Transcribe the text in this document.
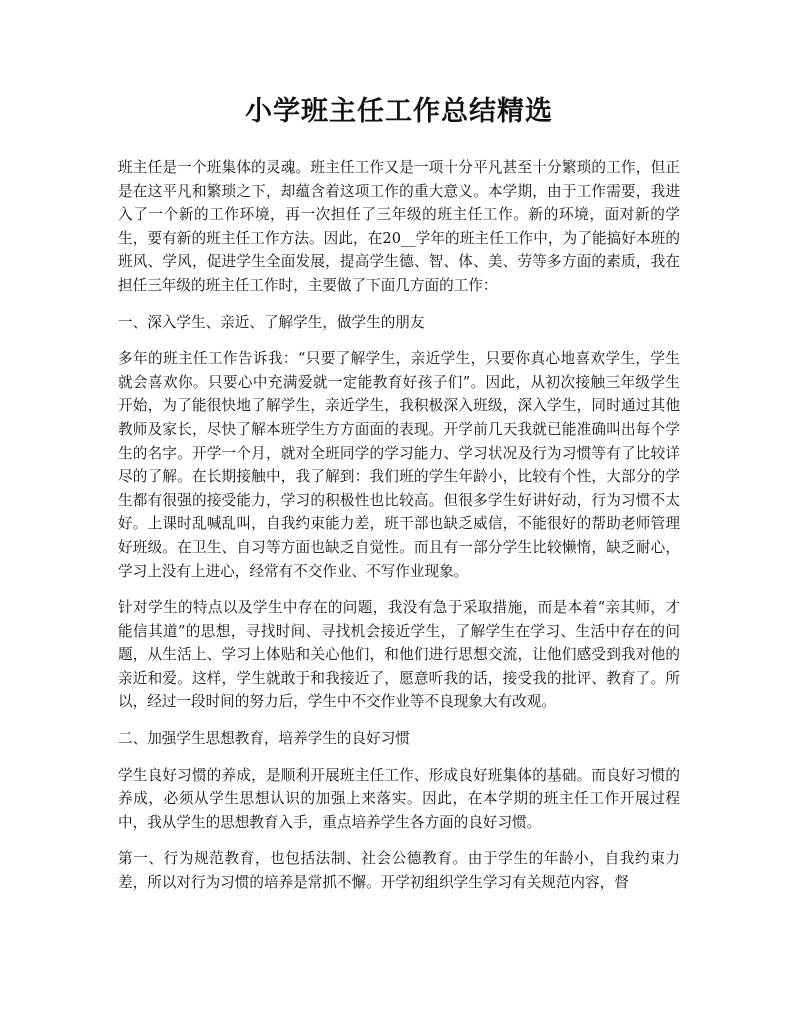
小学班主任工作总结精选

班主任是一个班集体的灵魂。班主任工作又是一项十分平凡甚至十分繁琐的工作，但正是在这平凡和繁琐之下，却蕴含着这项工作的重大意义。本学期，由于工作需要，我进入了一个新的工作环境，再一次担任了三年级的班主任工作。新的环境，面对新的学生，要有新的班主任工作方法。因此，在20__学年的班主任工作中，为了能搞好本班的班风、学风，促进学生全面发展，提高学生德、智、体、美、劳等多方面的素质，我在担任三年级的班主任工作时，主要做了下面几方面的工作：

一、深入学生、亲近、了解学生，做学生的朋友

多年的班主任工作告诉我：“只要了解学生，亲近学生，只要你真心地喜欢学生，学生就会喜欢你。只要心中充满爱就一定能教育好孩子们”。因此，从初次接触三年级学生开始，为了能很快地了解学生，亲近学生，我积极深入班级，深入学生，同时通过其他教师及家长，尽快了解本班学生方方面面的表现。开学前几天我就已能准确叫出每个学生的名字。开学一个月，就对全班同学的学习能力、学习状况及行为习惯等有了比较详尽的了解。在长期接触中，我了解到：我们班的学生年龄小，比较有个性，大部分的学生都有很强的接受能力，学习的积极性也比较高。但很多学生好讲好动，行为习惯不太好。上课时乱喊乱叫，自我约束能力差，班干部也缺乏威信，不能很好的帮助老师管理好班级。在卫生、自习等方面也缺乏自觉性。而且有一部分学生比较懒惰，缺乏耐心，学习上没有上进心，经常有不交作业、不写作业现象。

针对学生的特点以及学生中存在的问题，我没有急于采取措施，而是本着“亲其师，才能信其道”的思想，寻找时间、寻找机会接近学生，了解学生在学习、生活中存在的问题，从生活上、学习上体贴和关心他们，和他们进行思想交流，让他们感受到我对他的亲近和爱。这样，学生就敢于和我接近了，愿意听我的话，接受我的批评、教育了。所以，经过一段时间的努力后，学生中不交作业等不良现象大有改观。

二、加强学生思想教育，培养学生的良好习惯

学生良好习惯的养成，是顺利开展班主任工作、形成良好班集体的基础。而良好习惯的养成，必须从学生思想认识的加强上来落实。因此，在本学期的班主任工作开展过程中，我从学生的思想教育入手，重点培养学生各方面的良好习惯。

第一、行为规范教育，也包括法制、社会公德教育。由于学生的年龄小，自我约束力差，所以对行为习惯的培养是常抓不懈。开学初组织学生学习有关规范内容，督
